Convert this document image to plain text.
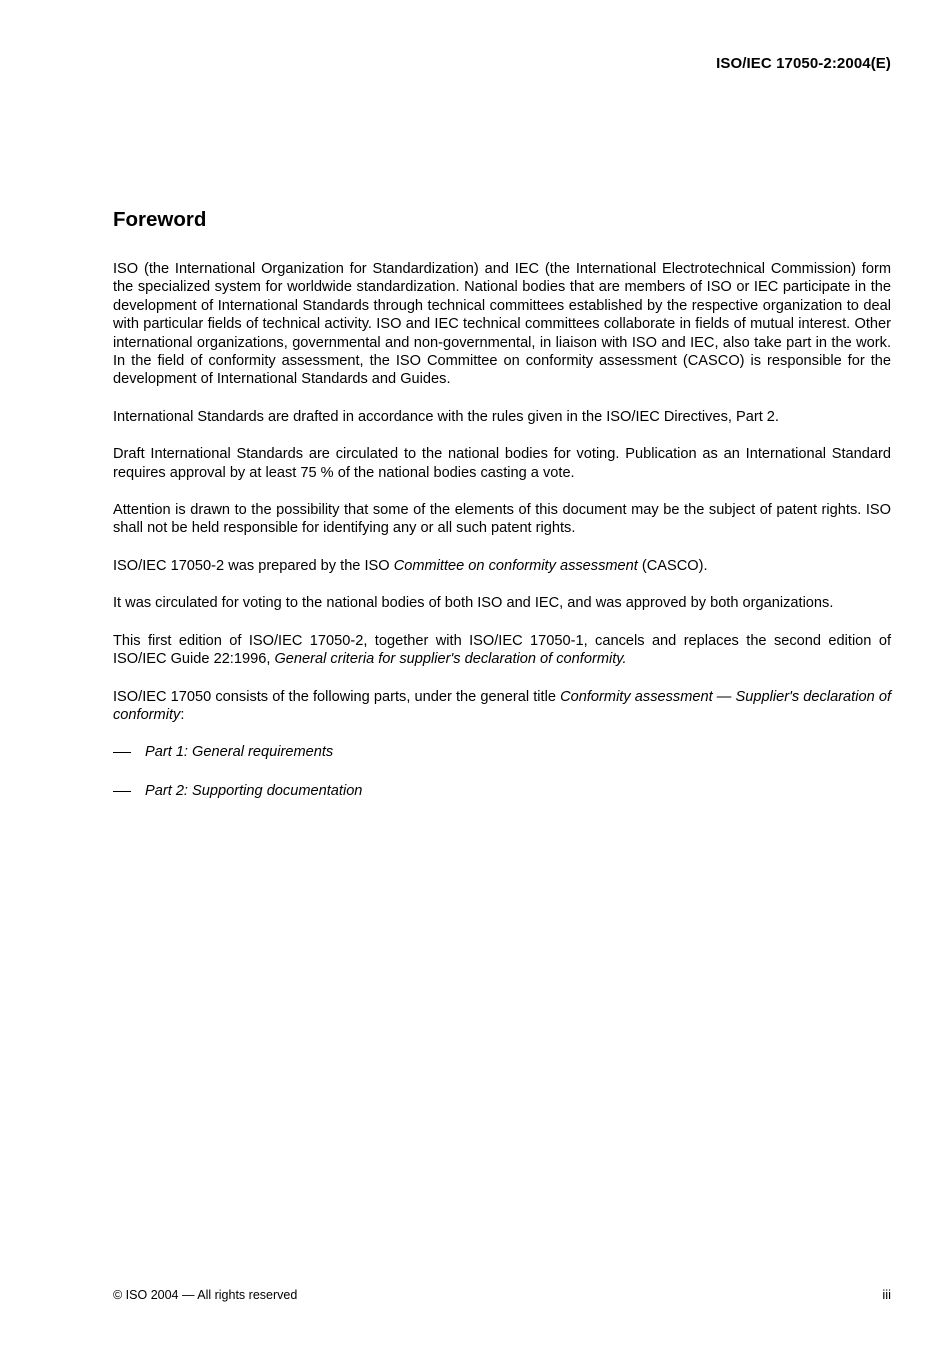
ISO/IEC 17050-2:2004(E)
Foreword

ISO (the International Organization for Standardization) and IEC (the International Electrotechnical Commission) form the specialized system for worldwide standardization. National bodies that are members of ISO or IEC participate in the development of International Standards through technical committees established by the respective organization to deal with particular fields of technical activity. ISO and IEC technical committees collaborate in fields of mutual interest. Other international organizations, governmental and non-governmental, in liaison with ISO and IEC, also take part in the work. In the field of conformity assessment, the ISO Committee on conformity assessment (CASCO) is responsible for the development of International Standards and Guides.

International Standards are drafted in accordance with the rules given in the ISO/IEC Directives, Part 2.

Draft International Standards are circulated to the national bodies for voting. Publication as an International Standard requires approval by at least 75 % of the national bodies casting a vote.

Attention is drawn to the possibility that some of the elements of this document may be the subject of patent rights. ISO shall not be held responsible for identifying any or all such patent rights.

ISO/IEC 17050-2 was prepared by the ISO Committee on conformity assessment (CASCO).

It was circulated for voting to the national bodies of both ISO and IEC, and was approved by both organizations.

This first edition of ISO/IEC 17050-2, together with ISO/IEC 17050-1, cancels and replaces the second edition of ISO/IEC Guide 22:1996, General criteria for supplier's declaration of conformity.

ISO/IEC 17050 consists of the following parts, under the general title Conformity assessment — Supplier's declaration of conformity:

Part 1: General requirements
Part 2: Supporting documentation
© ISO 2004 — All rights reserved	iii
